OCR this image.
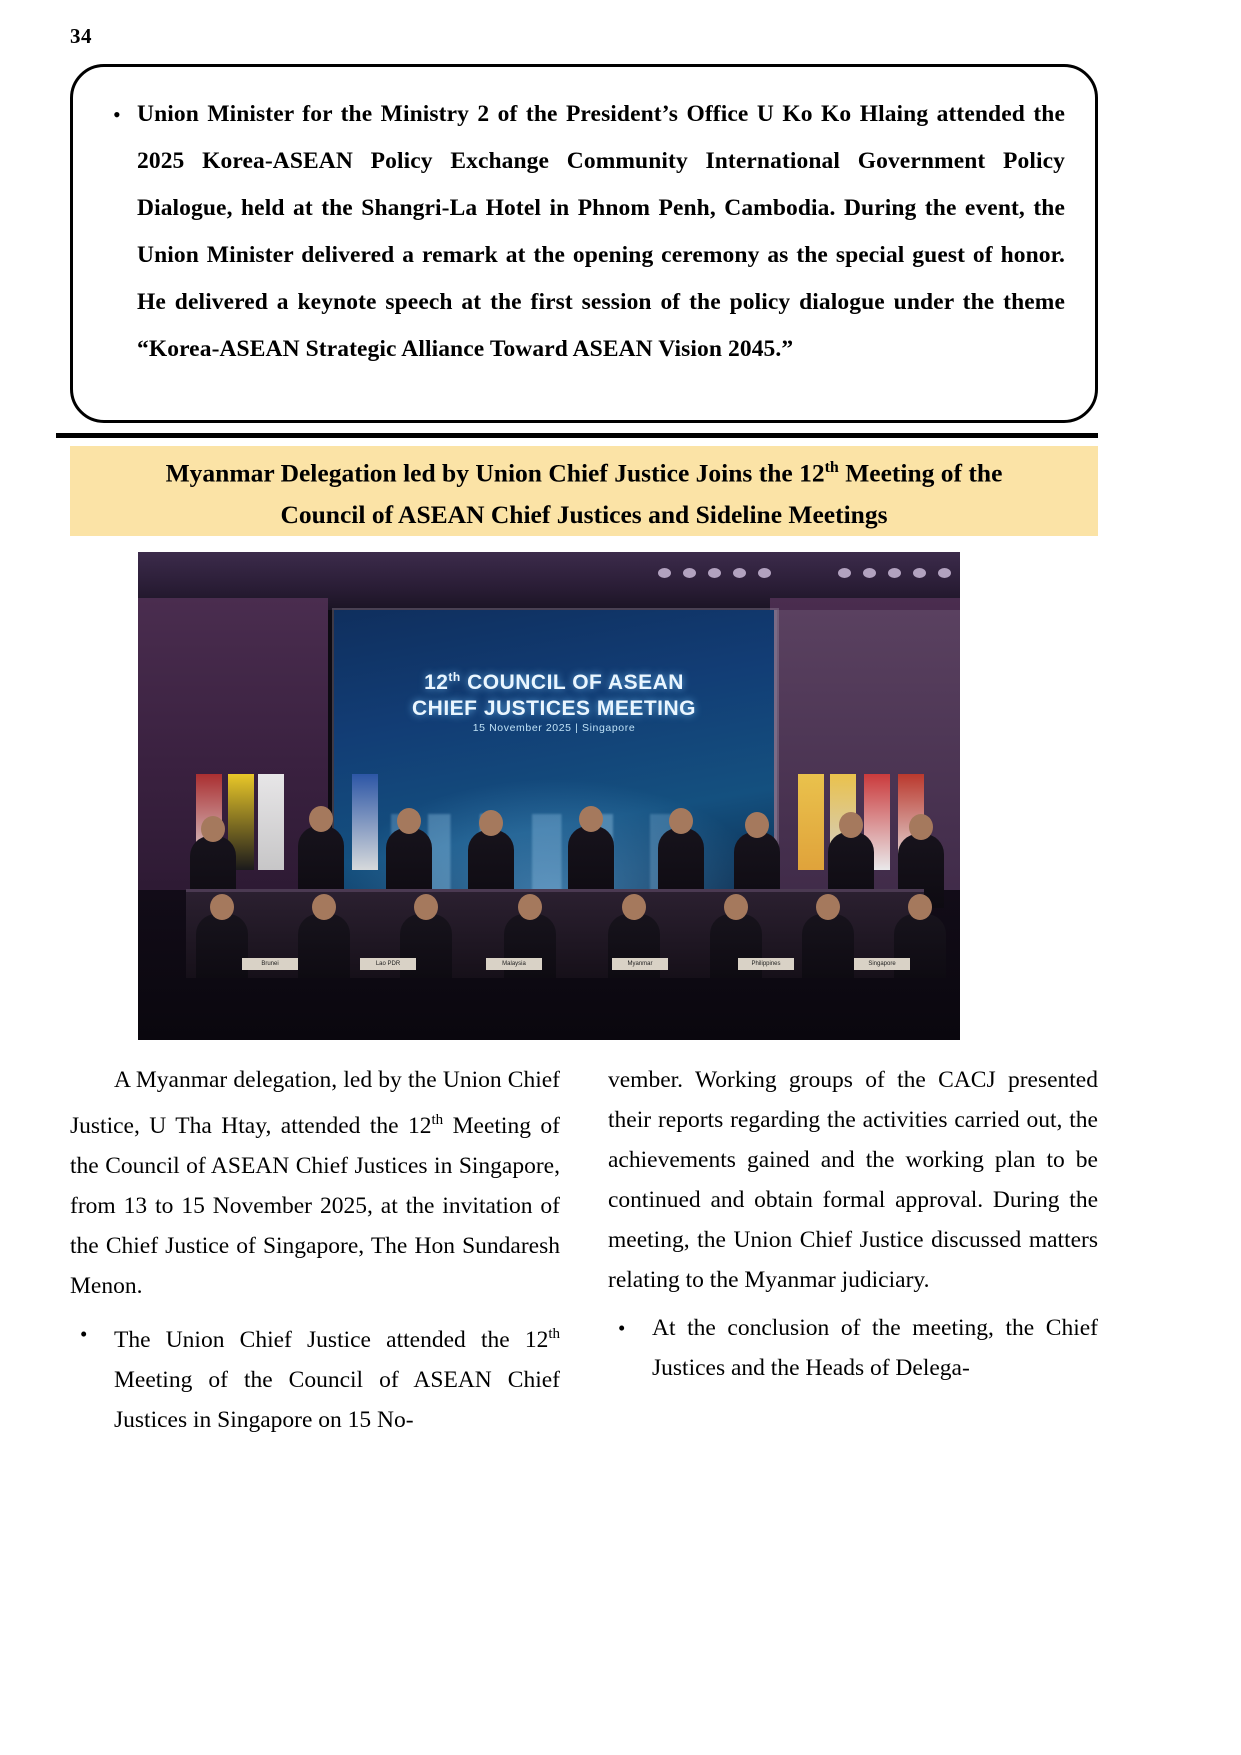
34
• Union Minister for the Ministry 2 of the President’s Office U Ko Ko Hlaing attended the 2025 Korea-ASEAN Policy Exchange Community International Government Policy Dialogue, held at the Shangri-La Hotel in Phnom Penh, Cambodia. During the event, the Union Minister delivered a remark at the opening ceremony as the special guest of honor. He delivered a keynote speech at the first session of the policy dialogue under the theme “Korea-ASEAN Strategic Alliance Toward ASEAN Vision 2045.”
Myanmar Delegation led by Union Chief Justice Joins the 12th Meeting of the
Council of ASEAN Chief Justices and Sideline Meetings
12th COUNCIL OF ASEAN
CHIEF JUSTICES MEETING
15 November 2025 | Singapore
Brunei	Lao PDR	Malaysia	Myanmar	Philippines	Singapore

A Myanmar delegation, led by the Union Chief Justice, U Tha Htay, attended the 12th Meeting of the Council of ASEAN Chief Justices in Singapore, from 13 to 15 November 2025, at the invitation of the Chief Justice of Singapore, The Hon Sundaresh Menon.

•	The Union Chief Justice attended the 12th Meeting of the Council of ASEAN Chief Justices in Singapore on 15 No-

vember. Working groups of the CACJ presented their reports regarding the activities carried out, the achievements gained and the working plan to be continued and obtain formal approval. During the meeting, the Union Chief Justice discussed matters relating to the Myanmar judiciary.

•	At the conclusion of the meeting, the Chief Justices and the Heads of Delega-
